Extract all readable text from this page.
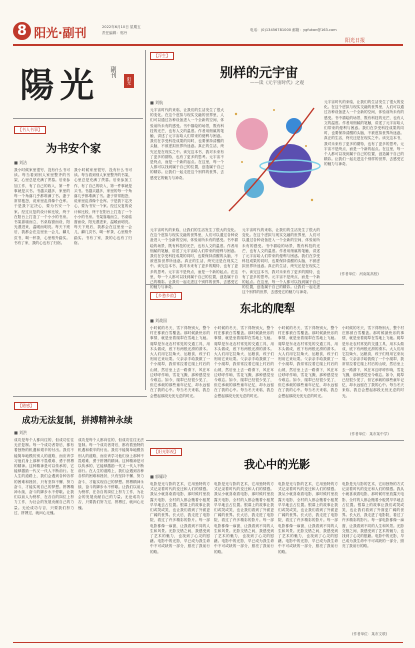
8 阳光·副刊	2022年6月10日 星期五
责任编辑：郭丹
电话：(0)13456781000 邮箱：ygfukan@163.com
阳光日报
陽光 副刊
阳光
【浮生】
别样的元宇宙
——读《元宇宙时代》之观
■ 刘航
元宇宙时代的来临，让我们的生活发生了很大的变化。在这个虚拟与现实交融的世界里，人们可以通过各种设备进入一个全新的空间，体验前所未有的感受。书中描绘的场景，既有科技的光芒，也有人文的温度。作者用细腻的笔触，讲述了元宇宙给人们带来的便利与困惑。我们在享受科技成果的同时，也要保持清醒的头脑，不被虚拟世界所迷惑。真正的生活，终究还是在现实之中。读完这本书，我对未来有了更多的期待，也有了更多的思考。元宇宙不是终点，而是一个新的起点。在这里，每一个人都可以找到属于自己的位置，创造属于自己的精彩。让我们一起走进这个别样的世界，去感受它的魅力与神奇。
元宇宙时代的来临，让我们的生活发生了很大的变化。在这个虚拟与现实交融的世界里，人们可以通过各种设备进入一个全新的空间，体验前所未有的感受。书中描绘的场景，既有科技的光芒，也有人文的温度。作者用细腻的笔触，讲述了元宇宙给人们带来的便利与困惑。我们在享受科技成果的同时，也要保持清醒的头脑，不被虚拟世界所迷惑。真正的生活，终究还是在现实之中。读完这本书，我对未来有了更多的期待，也有了更多的思考。元宇宙不是终点，而是一个新的起点。在这里，每一个人都可以找到属于自己的位置，创造属于自己的精彩。让我们一起走进这个别样的世界，去感受它的魅力与神奇。
元宇宙时代的来临，让我们的生活发生了很大的变化。在这个虚拟与现实交融的世界里，人们可以通过各种设备进入一个全新的空间，体验前所未有的感受。书中描绘的场景，既有科技的光芒，也有人文的温度。作者用细腻的笔触，讲述了元宇宙给人们带来的便利与困惑。我们在享受科技成果的同时，也要保持清醒的头脑，不被虚拟世界所迷惑。真正的生活，终究还是在现实之中。读完这本书，我对未来有了更多的期待，也有了更多的思考。元宇宙不是终点，而是一个新的起点。在这里，每一个人都可以找到属于自己的位置，创造属于自己的精彩。让我们一起走进这个别样的世界，去感受它的魅力与神奇。
元宇宙时代的来临，让我们的生活发生了很大的变化。在这个虚拟与现实交融的世界里，人们可以通过各种设备进入一个全新的空间，体验前所未有的感受。书中描绘的场景，既有科技的光芒，也有人文的温度。作者用细腻的笔触，讲述了元宇宙给人们带来的便利与困惑。我们在享受科技成果的同时，也要保持清醒的头脑，不被虚拟世界所迷惑。真正的生活，终究还是在现实之中。读完这本书，我对未来有了更多的期待，也有了更多的思考。元宇宙不是终点，而是一个新的起点。在这里，每一个人都可以找到属于自己的位置，创造属于自己的精彩。让我们一起走进这个别样的世界，去感受它的魅力与神奇。
(作者单位：河南某高校)
【书人书事】
为书安个家
■ 刘洁
我小时候家里很穷，没有什么书可读。每当看到别人家里整齐的书架，心里总是充满了羡慕。后来参加工作，有了自己的收入，第一件事就是买书。书越买越多，家里的每一个角落几乎都堆满了书。妻子常常抱怨，说家里乱得像个仓库。于是我下定决心，要为书安一个家。经过反复的设计和比较，终于在阳台上打造了一个小小的书房。书架靠墙而立，书桌临窗而设，阳光洒进来，温暖而明亮。每天下班后，我都会在这里坐一会儿，翻几页书，喝一杯茶，心里格外踏实。书有了家，我的心也有了归宿。
我小时候家里很穷，没有什么书可读。每当看到别人家里整齐的书架，心里总是充满了羡慕。后来参加工作，有了自己的收入，第一件事就是买书。书越买越多，家里的每一个角落几乎都堆满了书。妻子常常抱怨，说家里乱得像个仓库。于是我下定决心，要为书安一个家。经过反复的设计和比较，终于在阳台上打造了一个小小的书房。书架靠墙而立，书桌临窗而设，阳光洒进来，温暖而明亮。每天下班后，我都会在这里坐一会儿，翻几页书，喝一杯茶，心里格外踏实。书有了家，我的心也有了归宿。
【乡愁乡韵】
东北的爬犁
■ 刘战国
小时候的冬天，雪下得特别大，整个村庄都被白雪覆盖。那时候最快乐的事情，就是坐着爬犁在雪地上飞驰。爬犁是东北农村常见的交通工具，用木头做成，底下有两根光滑的滑木。大人们用它拉柴火、运粮食，孩子们则用它来玩耍。父亲亲手给我做了一个小爬犁，我常常拉着它爬上村后的山坡，然后坐上去一路滑下，风在耳边呼呼作响，雪花飞溅，那种感觉至今难忘。如今，爬犁已经很少见了，但它承载的那些童年记忆，却永远留在了我的心中。每当冬天来临，我总会想起那段无忧无虑的时光。
小时候的冬天，雪下得特别大，整个村庄都被白雪覆盖。那时候最快乐的事情，就是坐着爬犁在雪地上飞驰。爬犁是东北农村常见的交通工具，用木头做成，底下有两根光滑的滑木。大人们用它拉柴火、运粮食，孩子们则用它来玩耍。父亲亲手给我做了一个小爬犁，我常常拉着它爬上村后的山坡，然后坐上去一路滑下，风在耳边呼呼作响，雪花飞溅，那种感觉至今难忘。如今，爬犁已经很少见了，但它承载的那些童年记忆，却永远留在了我的心中。每当冬天来临，我总会想起那段无忧无虑的时光。
小时候的冬天，雪下得特别大，整个村庄都被白雪覆盖。那时候最快乐的事情，就是坐着爬犁在雪地上飞驰。爬犁是东北农村常见的交通工具，用木头做成，底下有两根光滑的滑木。大人们用它拉柴火、运粮食，孩子们则用它来玩耍。父亲亲手给我做了一个小爬犁，我常常拉着它爬上村后的山坡，然后坐上去一路滑下，风在耳边呼呼作响，雪花飞溅，那种感觉至今难忘。如今，爬犁已经很少见了，但它承载的那些童年记忆，却永远留在了我的心中。每当冬天来临，我总会想起那段无忧无虑的时光。
小时候的冬天，雪下得特别大，整个村庄都被白雪覆盖。那时候最快乐的事情，就是坐着爬犁在雪地上飞驰。爬犁是东北农村常见的交通工具，用木头做成，底下有两根光滑的滑木。大人们用它拉柴火、运粮食，孩子们则用它来玩耍。父亲亲手给我做了一个小爬犁，我常常拉着它爬上村后的山坡，然后坐上去一路滑下，风在耳边呼呼作响，雪花飞溅，那种感觉至今难忘。如今，爬犁已经很少见了，但它承载的那些童年记忆，却永远留在了我的心中。每当冬天来临，我总会想起那段无忧无虑的时光。
(作者单位：某市某中学)
【随感】
成功无法复制，拼搏精神永续
■ 刘洪
成功是每个人都向往的，但成功往往无法复制。每一个成功者背后，都有着独特的机遇和艰辛的付出。我们不能简单地模仿别人的道路，而应该学习他们身上那种不畏艰难、勇于拼搏的精神。这种精神是可以传承的，它能够激励一代又一代人不断前行。在人生的道路上，我们会遇到各种各样的困难和挫折，只有坚持不懈、努力奋斗，才能实现自己的梦想。拼搏精神永续，奋斗的脚步永不停歇。让我们以前人为榜样，在各自的岗位上努力工作，为社会的发展贡献自己的力量。无论成功与否，只要我们努力过、拼搏过，就问心无愧。
成功是每个人都向往的，但成功往往无法复制。每一个成功者背后，都有着独特的机遇和艰辛的付出。我们不能简单地模仿别人的道路，而应该学习他们身上那种不畏艰难、勇于拼搏的精神。这种精神是可以传承的，它能够激励一代又一代人不断前行。在人生的道路上，我们会遇到各种各样的困难和挫折，只有坚持不懈、努力奋斗，才能实现自己的梦想。拼搏精神永续，奋斗的脚步永不停歇。让我们以前人为榜样，在各自的岗位上努力工作，为社会的发展贡献自己的力量。无论成功与否，只要我们努力过、拼搏过，就问心无愧。
【阳光影视】
我心中的光影
■ 郭耀玲
电影是光与影的艺术，它用独特的方式记录着时代的变迁和人们的情感。我从小就喜欢看电影，那时候村里放露天电影，全村的人都会搬着小板凳早早地去占位置。银幕上的故事让我们或哭或笑，也让我们看到了外面更广阔的世界。长大后，我走进了电影院，看过了许多精彩的影片。每一部电影都像一扇窗，让我看到不同的人生和风景。光影交错之间，我感受到了艺术的魅力，也找到了心灵的慰藉。电影中的光影，早已成为我生命中不可或缺的一部分，照亮了我前行的路。
电影是光与影的艺术，它用独特的方式记录着时代的变迁和人们的情感。我从小就喜欢看电影，那时候村里放露天电影，全村的人都会搬着小板凳早早地去占位置。银幕上的故事让我们或哭或笑，也让我们看到了外面更广阔的世界。长大后，我走进了电影院，看过了许多精彩的影片。每一部电影都像一扇窗，让我看到不同的人生和风景。光影交错之间，我感受到了艺术的魅力，也找到了心灵的慰藉。电影中的光影，早已成为我生命中不可或缺的一部分，照亮了我前行的路。
电影是光与影的艺术，它用独特的方式记录着时代的变迁和人们的情感。我从小就喜欢看电影，那时候村里放露天电影，全村的人都会搬着小板凳早早地去占位置。银幕上的故事让我们或哭或笑，也让我们看到了外面更广阔的世界。长大后，我走进了电影院，看过了许多精彩的影片。每一部电影都像一扇窗，让我看到不同的人生和风景。光影交错之间，我感受到了艺术的魅力，也找到了心灵的慰藉。电影中的光影，早已成为我生命中不可或缺的一部分，照亮了我前行的路。
电影是光与影的艺术，它用独特的方式记录着时代的变迁和人们的情感。我从小就喜欢看电影，那时候村里放露天电影，全村的人都会搬着小板凳早早地去占位置。银幕上的故事让我们或哭或笑，也让我们看到了外面更广阔的世界。长大后，我走进了电影院，看过了许多精彩的影片。每一部电影都像一扇窗，让我看到不同的人生和风景。光影交错之间，我感受到了艺术的魅力，也找到了心灵的慰藉。电影中的光影，早已成为我生命中不可或缺的一部分，照亮了我前行的路。
(作者单位：某市文联)
